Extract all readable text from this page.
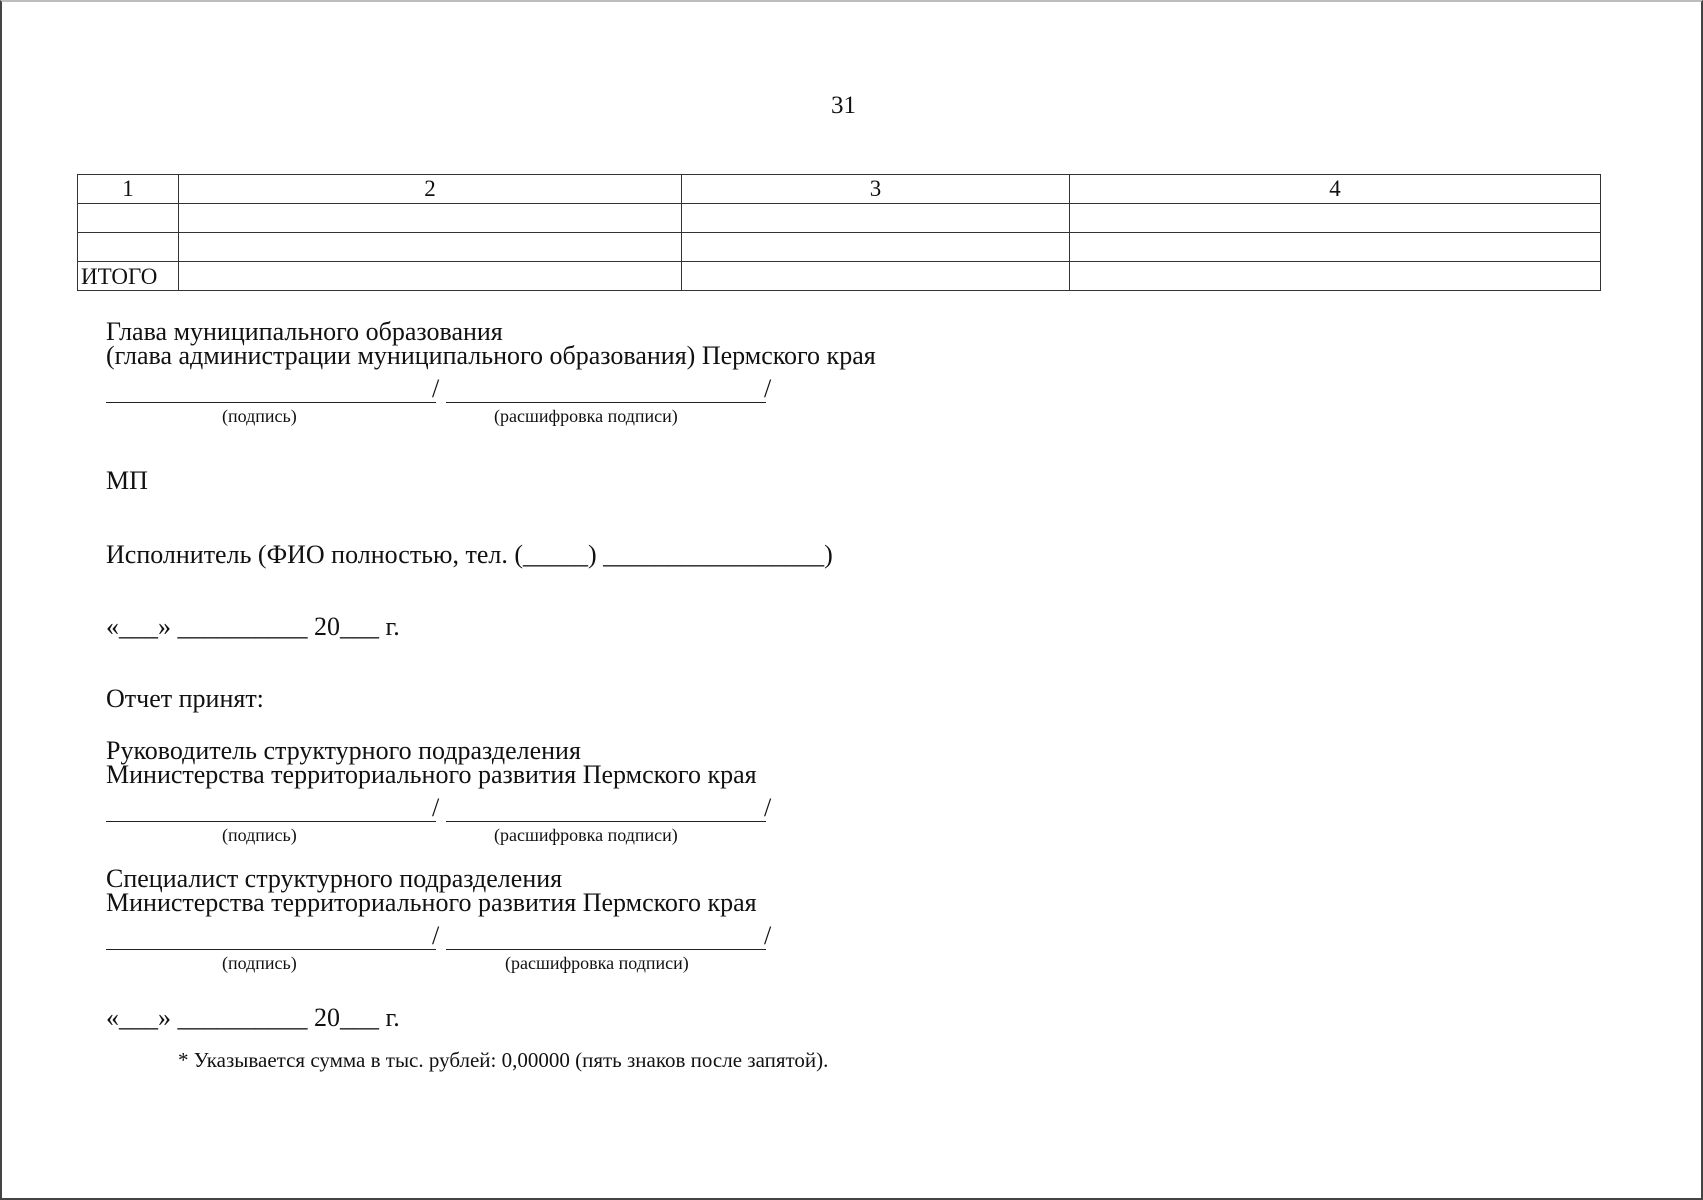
31
1	2	3	4

ИТОГО			
Глава муниципального образования
(глава администрации муниципального образования) Пермского края
/	/
(подпись)	(расшифровка подписи)
МП
Исполнитель (ФИО полностью, тел. (_____) _________________)
«___» __________ 20___ г.
Отчет принят:
Руководитель структурного подразделения
Министерства территориального развития Пермского края
/	/
(подпись)	(расшифровка подписи)
Специалист структурного подразделения
Министерства территориального развития Пермского края
/	/
(подпись)	(расшифровка подписи)
«___» __________ 20___ г.
* Указывается сумма в тыс. рублей: 0,00000 (пять знаков после запятой).
